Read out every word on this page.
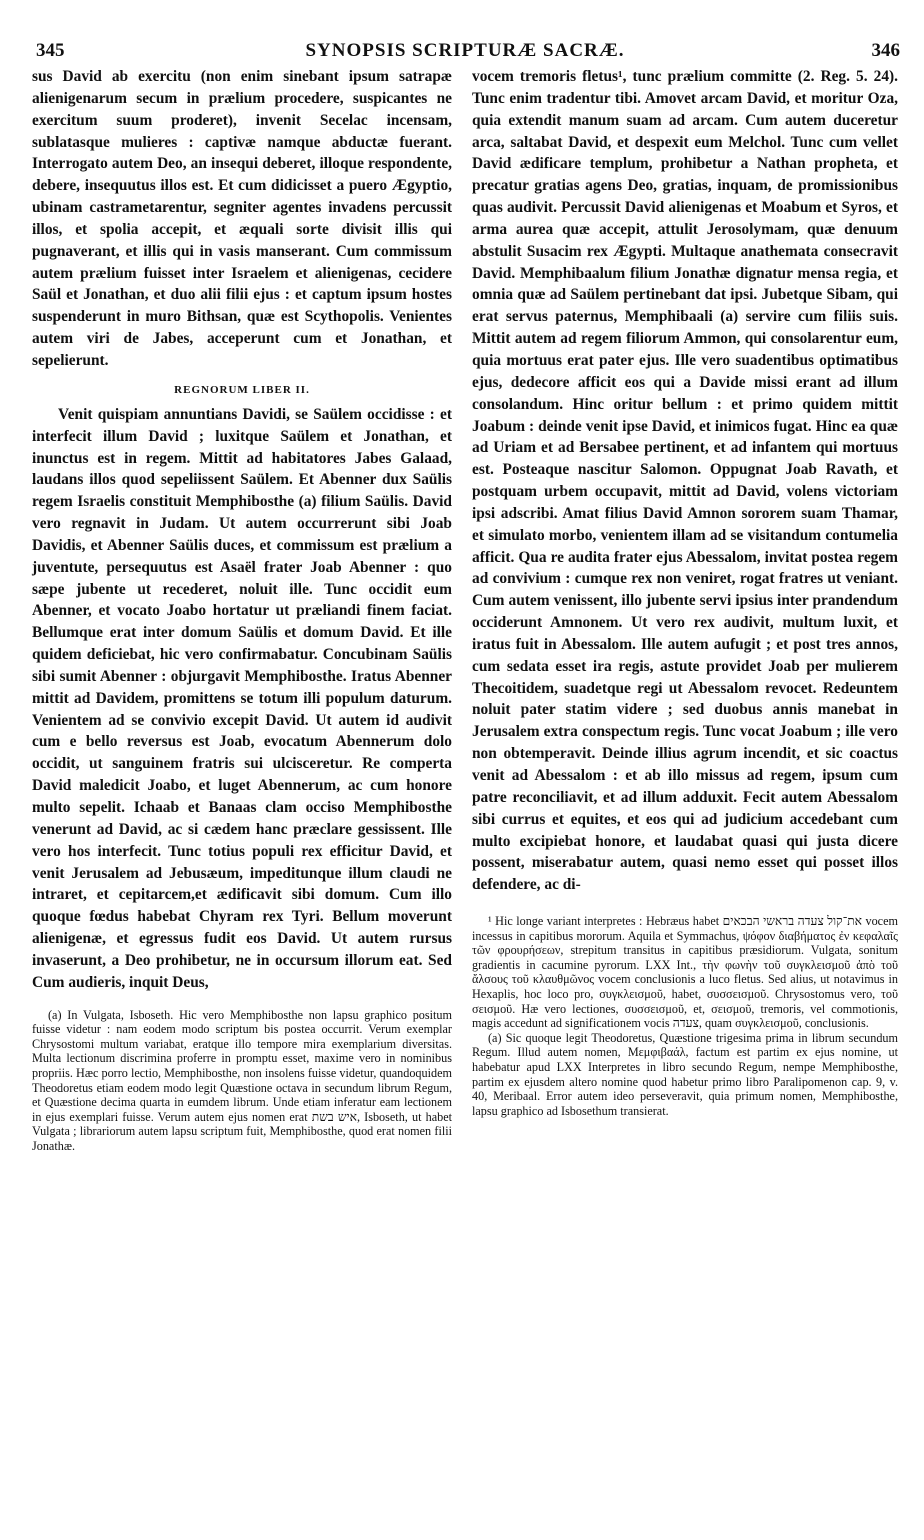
345	SYNOPSIS SCRIPTURÆ SACRÆ.	346

sus David ab exercitu (non enim sinebant ipsum satrapæ alienigenarum secum in prælium procedere, suspicantes ne exercitum suum proderet), invenit Secelac incensam, sublatasque mulieres : captivæ namque abductæ fuerant. Interrogato autem Deo, an insequi deberet, illoque respondente, debere, insequutus illos est. Et cum didicisset a puero Ægyptio, ubinam castrametarentur, segniter agentes invadens percussit illos, et spolia accepit, et æquali sorte divisit illis qui pugnaverant, et illis qui in vasis manserant. Cum commissum autem prælium fuisset inter Israelem et alienigenas, cecidere Saül et Jonathan, et duo alii filii ejus : et captum ipsum hostes suspenderunt in muro Bithsan, quæ est Scythopolis. Venientes autem viri de Jabes, acceperunt cum et Jonathan, et sepelierunt.

REGNORUM LIBER II.

Venit quispiam annuntians Davidi, se Saülem occidisse : et interfecit illum David ; luxitque Saülem et Jonathan, et inunctus est in regem. Mittit ad habitatores Jabes Galaad, laudans illos quod sepeliissent Saülem. Et Abenner dux Saülis regem Israelis constituit Memphibosthe (a) filium Saülis. David vero regnavit in Judam. Ut autem occurrerunt sibi Joab Davidis, et Abenner Saülis duces, et commissum est prælium a juventute, persequutus est Asaël frater Joab Abenner : quo sæpe jubente ut recederet, noluit ille. Tunc occidit eum Abenner, et vocato Joabo hortatur ut præliandi finem faciat. Bellumque erat inter domum Saülis et domum David. Et ille quidem deficiebat, hic vero confirmabatur. Concubinam Saülis sibi sumit Abenner : objurgavit Memphibosthe. Iratus Abenner mittit ad Davidem, promittens se totum illi populum daturum. Venientem ad se convivio excepit David. Ut autem id audivit cum e bello reversus est Joab, evocatum Abennerum dolo occidit, ut sanguinem fratris sui ulcisceretur. Re comperta David maledicit Joabo, et luget Abennerum, ac cum honore multo sepelit. Ichaab et Banaas clam occiso Memphibosthe venerunt ad David, ac si cædem hanc præclare gessissent. Ille vero hos interfecit. Tunc totius populi rex efficitur David, et venit Jerusalem ad Jebusæum, impeditunque illum claudi ne intraret, et cepitarcem,et ædificavit sibi domum. Cum illo quoque fœdus habebat Chyram rex Tyri. Bellum moverunt alienigenæ, et egressus fudit eos David. Ut autem rursus invaserunt, a Deo prohibetur, ne in occursum illorum eat. Sed Cum audieris, inquit Deus,

(a) In Vulgata, Isboseth. Hic vero Memphibosthe non lapsu graphico positum fuisse videtur : nam eodem modo scriptum bis postea occurrit. Verum exemplar Chrysostomi multum variabat, eratque illo tempore mira exemplarium diversitas. Multa lectionum discrimina proferre in promptu esset, maxime vero in nominibus propriis. Hæc porro lectio, Memphibosthe, non insolens fuisse videtur, quandoquidem Theodoretus etiam eodem modo legit Quæstione octava in secundum librum Regum, et Quæstione decima quarta in eumdem librum. Unde etiam inferatur eam lectionem in ejus exemplari fuisse. Verum autem ejus nomen erat איש בשת, Isboseth, ut habet Vulgata ; librariorum autem lapsu scriptum fuit, Memphibosthe, quod erat nomen filii Jonathæ.

vocem tremoris fletus¹, tunc prælium committe (2. Reg. 5. 24). Tunc enim tradentur tibi. Amovet arcam David, et moritur Oza, quia extendit manum suam ad arcam. Cum autem duceretur arca, saltabat David, et despexit eum Melchol. Tunc cum vellet David ædificare templum, prohibetur a Nathan propheta, et precatur gratias agens Deo, gratias, inquam, de promissionibus quas audivit. Percussit David alienigenas et Moabum et Syros, et arma aurea quæ accepit, attulit Jerosolymam, quæ denuum abstulit Susacim rex Ægypti. Multaque anathemata consecravit David. Memphibaalum filium Jonathæ dignatur mensa regia, et omnia quæ ad Saülem pertinebant dat ipsi. Jubetque Sibam, qui erat servus paternus, Memphibaali (a) servire cum filiis suis. Mittit autem ad regem filiorum Ammon, qui consolarentur eum, quia mortuus erat pater ejus. Ille vero suadentibus optimatibus ejus, dedecore afficit eos qui a Davide missi erant ad illum consolandum. Hinc oritur bellum : et primo quidem mittit Joabum : deinde venit ipse David, et inimicos fugat. Hinc ea quæ ad Uriam et ad Bersabee pertinent, et ad infantem qui mortuus est. Posteaque nascitur Salomon. Oppugnat Joab Ravath, et postquam urbem occupavit, mittit ad David, volens victoriam ipsi adscribi. Amat filius David Amnon sororem suam Thamar, et simulato morbo, venientem illam ad se visitandum contumelia afficit. Qua re audita frater ejus Abessalom, invitat postea regem ad convivium : cumque rex non veniret, rogat fratres ut veniant. Cum autem venissent, illo jubente servi ipsius inter prandendum occiderunt Amnonem. Ut vero rex audivit, multum luxit, et iratus fuit in Abessalom. Ille autem aufugit ; et post tres annos, cum sedata esset ira regis, astute providet Joab per mulierem Thecoitidem, suadetque regi ut Abessalom revocet. Redeuntem noluit pater statim videre ; sed duobus annis manebat in Jerusalem extra conspectum regis. Tunc vocat Joabum ; ille vero non obtemperavit. Deinde illius agrum incendit, et sic coactus venit ad Abessalom : et ab illo missus ad regem, ipsum cum patre reconciliavit, et ad illum adduxit. Fecit autem Abessalom sibi currus et equites, et eos qui ad judicium accedebant cum multo excipiebat honore, et laudabat quasi qui justa dicere possent, miserabatur autem, quasi nemo esset qui posset illos defendere, ac di-

¹ Hic longe variant interpretes : Hebræus habet את־קול צעדה בראשי הבכאים vocem incessus in capitibus mororum. Aquila et Symmachus, ψόφον διαβήματος ἐν κεφαλαῖς τῶν φρουρήσεων, strepitum transitus in capitibus præsidiorum. Vulgata, sonitum gradientis in cacumine pyrorum. LXX Int., τὴν φωνὴν τοῦ συγκλεισμοῦ ἀπὸ τοῦ ἄλσους τοῦ κλαυθμῶνος vocem conclusionis a luco fletus. Sed alius, ut notavimus in Hexaplis, hoc loco pro, συγκλεισμοῦ, habet, συσσεισμοῦ. Chrysostomus vero, τοῦ σεισμοῦ. Hæ vero lectiones, συσσεισμοῦ, et, σεισμοῦ, tremoris, vel commotionis, magis accedunt ad significationem vocis צעדה, quam συγκλεισμοῦ, conclusionis.

(a) Sic quoque legit Theodoretus, Quæstione trigesima prima in librum secundum Regum. Illud autem nomen, Μεμφιβαάλ, factum est partim ex ejus nomine, ut habebatur apud LXX Interpretes in libro secundo Regum, nempe Memphibosthe, partim ex ejusdem altero nomine quod habetur primo libro Paralipomenon cap. 9, v. 40, Meribaal. Error autem ideo perseveravit, quia primum nomen, Memphibosthe, lapsu graphico ad Isbosethum transierat.
